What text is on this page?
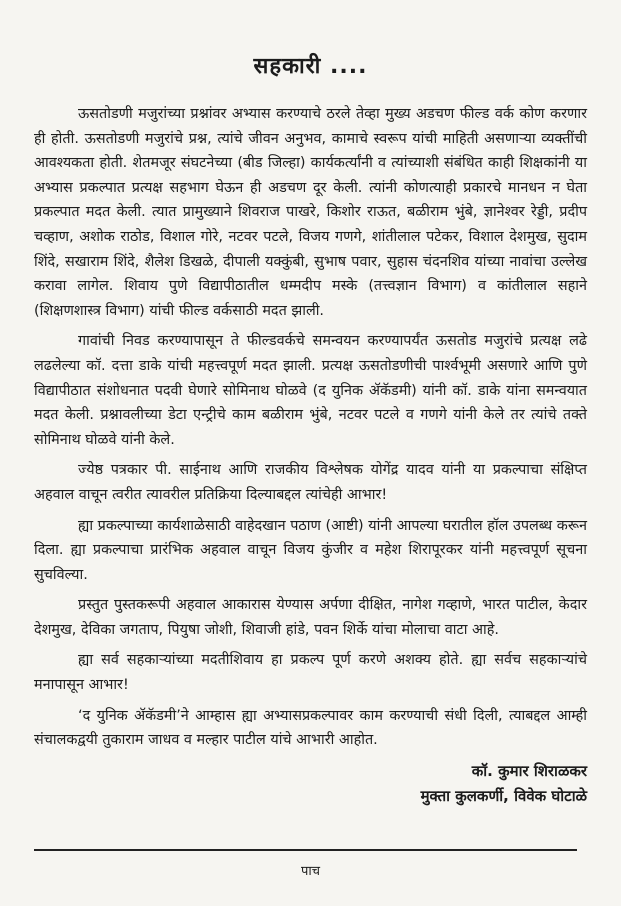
सहकारी ....

ऊसतोडणी मजुरांच्या प्रश्नांवर अभ्यास करण्याचे ठरले तेव्हा मुख्य अडचण फील्ड वर्क कोण करणार ही होती. ऊसतोडणी मजुरांचे प्रश्न, त्यांचे जीवन अनुभव, कामाचे स्वरूप यांची माहिती असणाऱ्या व्यक्तींची आवश्यकता होती. शेतमजूर संघटनेच्या (बीड जिल्हा) कार्यकर्त्यांनी व त्यांच्याशी संबंधित काही शिक्षकांनी या अभ्यास प्रकल्पात प्रत्यक्ष सहभाग घेऊन ही अडचण दूर केली. त्यांनी कोणत्याही प्रकारचे मानधन न घेता प्रकल्पात मदत केली. त्यात प्रामुख्याने शिवराज पाखरे, किशोर राऊत, बळीराम भुंबे, ज्ञानेश्वर रेड्डी, प्रदीप चव्हाण, अशोक राठोड, विशाल गोरे, नटवर पटले, विजय गणगे, शांतीलाल पटेकर, विशाल देशमुख, सुदाम शिंदे, सखाराम शिंदे, शैलेश डिखळे, दीपाली यक्कुंबी, सुभाष पवार, सुहास चंदनशिव यांच्या नावांचा उल्लेख करावा लागेल. शिवाय पुणे विद्यापीठातील धम्मदीप मस्के (तत्त्वज्ञान विभाग) व कांतीलाल सहाने (शिक्षणशास्त्र विभाग) यांची फील्ड वर्कसाठी मदत झाली.

गावांची निवड करण्यापासून ते फील्डवर्कचे समन्वयन करण्यापर्यंत ऊसतोड मजुरांचे प्रत्यक्ष लढे लढलेल्या कॉ. दत्ता डाके यांची महत्त्वपूर्ण मदत झाली. प्रत्यक्ष ऊसतोडणीची पार्श्वभूमी असणारे आणि पुणे विद्यापीठात संशोधनात पदवी घेणारे सोमिनाथ घोळवे (द युनिक ॲकॅडमी) यांनी कॉ. डाके यांना समन्वयात मदत केली. प्रश्नावलीच्या डेटा एन्ट्रीचे काम बळीराम भुंबे, नटवर पटले व गणगे यांनी केले तर त्यांचे तक्ते सोमिनाथ घोळवे यांनी केले.

ज्येष्ठ पत्रकार पी. साईनाथ आणि राजकीय विश्लेषक योगेंद्र यादव यांनी या प्रकल्पाचा संक्षिप्त अहवाल वाचून त्वरीत त्यावरील प्रतिक्रिया दिल्याबद्दल त्यांचेही आभार!

ह्या प्रकल्पाच्या कार्यशाळेसाठी वाहेदखान पठाण (आष्टी) यांनी आपल्या घरातील हॉल उपलब्ध करून दिला. ह्या प्रकल्पाचा प्रारंभिक अहवाल वाचून विजय कुंजीर व महेश शिरापूरकर यांनी महत्त्वपूर्ण सूचना सुचविल्या.

प्रस्तुत पुस्तकरूपी अहवाल आकारास येण्यास अर्पणा दीक्षित, नागेश गव्हाणे, भारत पाटील, केदार देशमुख, देविका जगताप, पियुषा जोशी, शिवाजी हांडे, पवन शिर्के यांचा मोलाचा वाटा आहे.

ह्या सर्व सहकाऱ्यांच्या मदतीशिवाय हा प्रकल्प पूर्ण करणे अशक्य होते. ह्या सर्वच सहकाऱ्यांचे मनापासून आभार!

‘द युनिक ॲकॅडमी’ने आम्हास ह्या अभ्यासप्रकल्पावर काम करण्याची संधी दिली, त्याबद्दल आम्ही संचालकद्वयी तुकाराम जाधव व मल्हार पाटील यांचे आभारी आहोत.

कॉ. कुमार शिराळकर
मुक्ता कुलकर्णी, विवेक घोटाळे
पाच
